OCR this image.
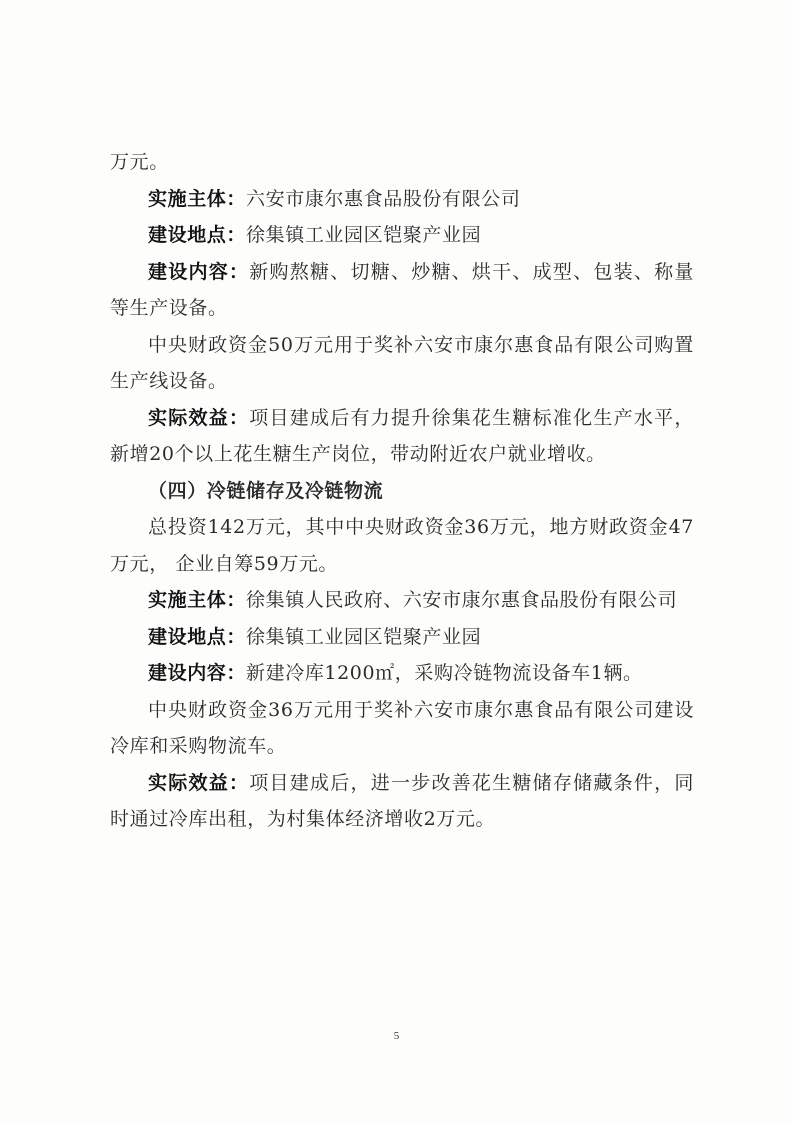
万元。

实施主体：六安市康尔惠食品股份有限公司

建设地点：徐集镇工业园区铠聚产业园

建设内容：新购熬糖、切糖、炒糖、烘干、成型、包装、称量等生产设备。

中央财政资金50万元用于奖补六安市康尔惠食品有限公司购置生产线设备。

实际效益：项目建成后有力提升徐集花生糖标准化生产水平，新增20个以上花生糖生产岗位，带动附近农户就业增收。

（四）冷链储存及冷链物流

总投资142万元，其中中央财政资金36万元，地方财政资金47万元， 企业自筹59万元。

实施主体：徐集镇人民政府、六安市康尔惠食品股份有限公司

建设地点：徐集镇工业园区铠聚产业园

建设内容：新建冷库1200㎡，采购冷链物流设备车1辆。

中央财政资金36万元用于奖补六安市康尔惠食品有限公司建设冷库和采购物流车。

实际效益：项目建成后，进一步改善花生糖储存储藏条件，同时通过冷库出租，为村集体经济增收2万元。

5
